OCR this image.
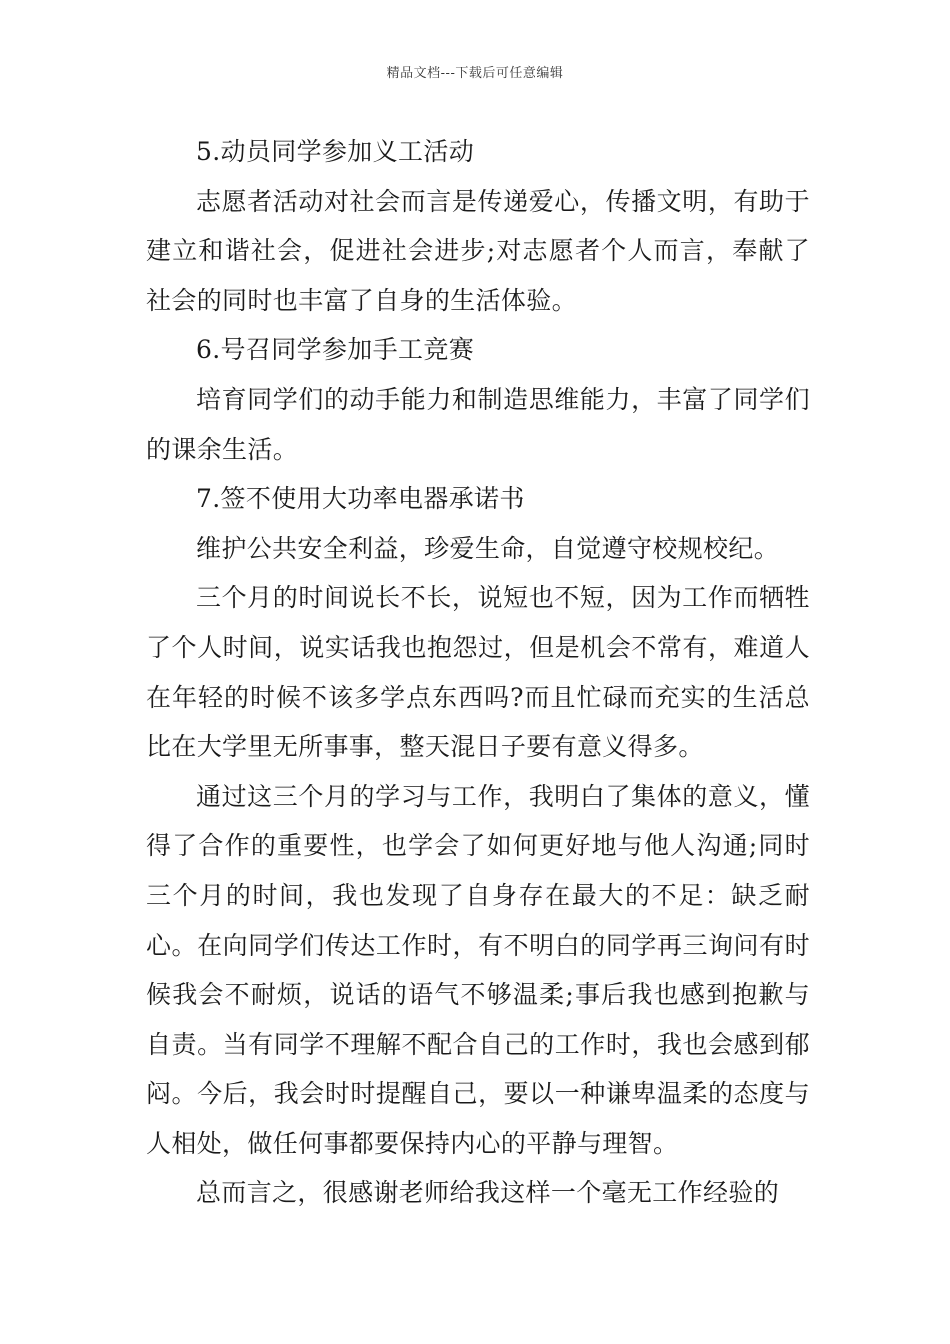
精品文档---下载后可任意编辑

5.动员同学参加义工活动

志愿者活动对社会而言是传递爱心，传播文明，有助于建立和谐社会，促进社会进步;对志愿者个人而言，奉献了社会的同时也丰富了自身的生活体验。

6.号召同学参加手工竞赛

培育同学们的动手能力和制造思维能力，丰富了同学们的课余生活。

7.签不使用大功率电器承诺书

维护公共安全利益，珍爱生命，自觉遵守校规校纪。

三个月的时间说长不长，说短也不短，因为工作而牺牲了个人时间，说实话我也抱怨过，但是机会不常有，难道人在年轻的时候不该多学点东西吗?而且忙碌而充实的生活总比在大学里无所事事，整天混日子要有意义得多。

通过这三个月的学习与工作，我明白了集体的意义，懂得了合作的重要性，也学会了如何更好地与他人沟通;同时三个月的时间，我也发现了自身存在最大的不足：缺乏耐心。在向同学们传达工作时，有不明白的同学再三询问有时候我会不耐烦，说话的语气不够温柔;事后我也感到抱歉与自责。当有同学不理解不配合自己的工作时，我也会感到郁闷。今后，我会时时提醒自己，要以一种谦卑温柔的态度与人相处，做任何事都要保持内心的平静与理智。

总而言之，很感谢老师给我这样一个毫无工作经验的
